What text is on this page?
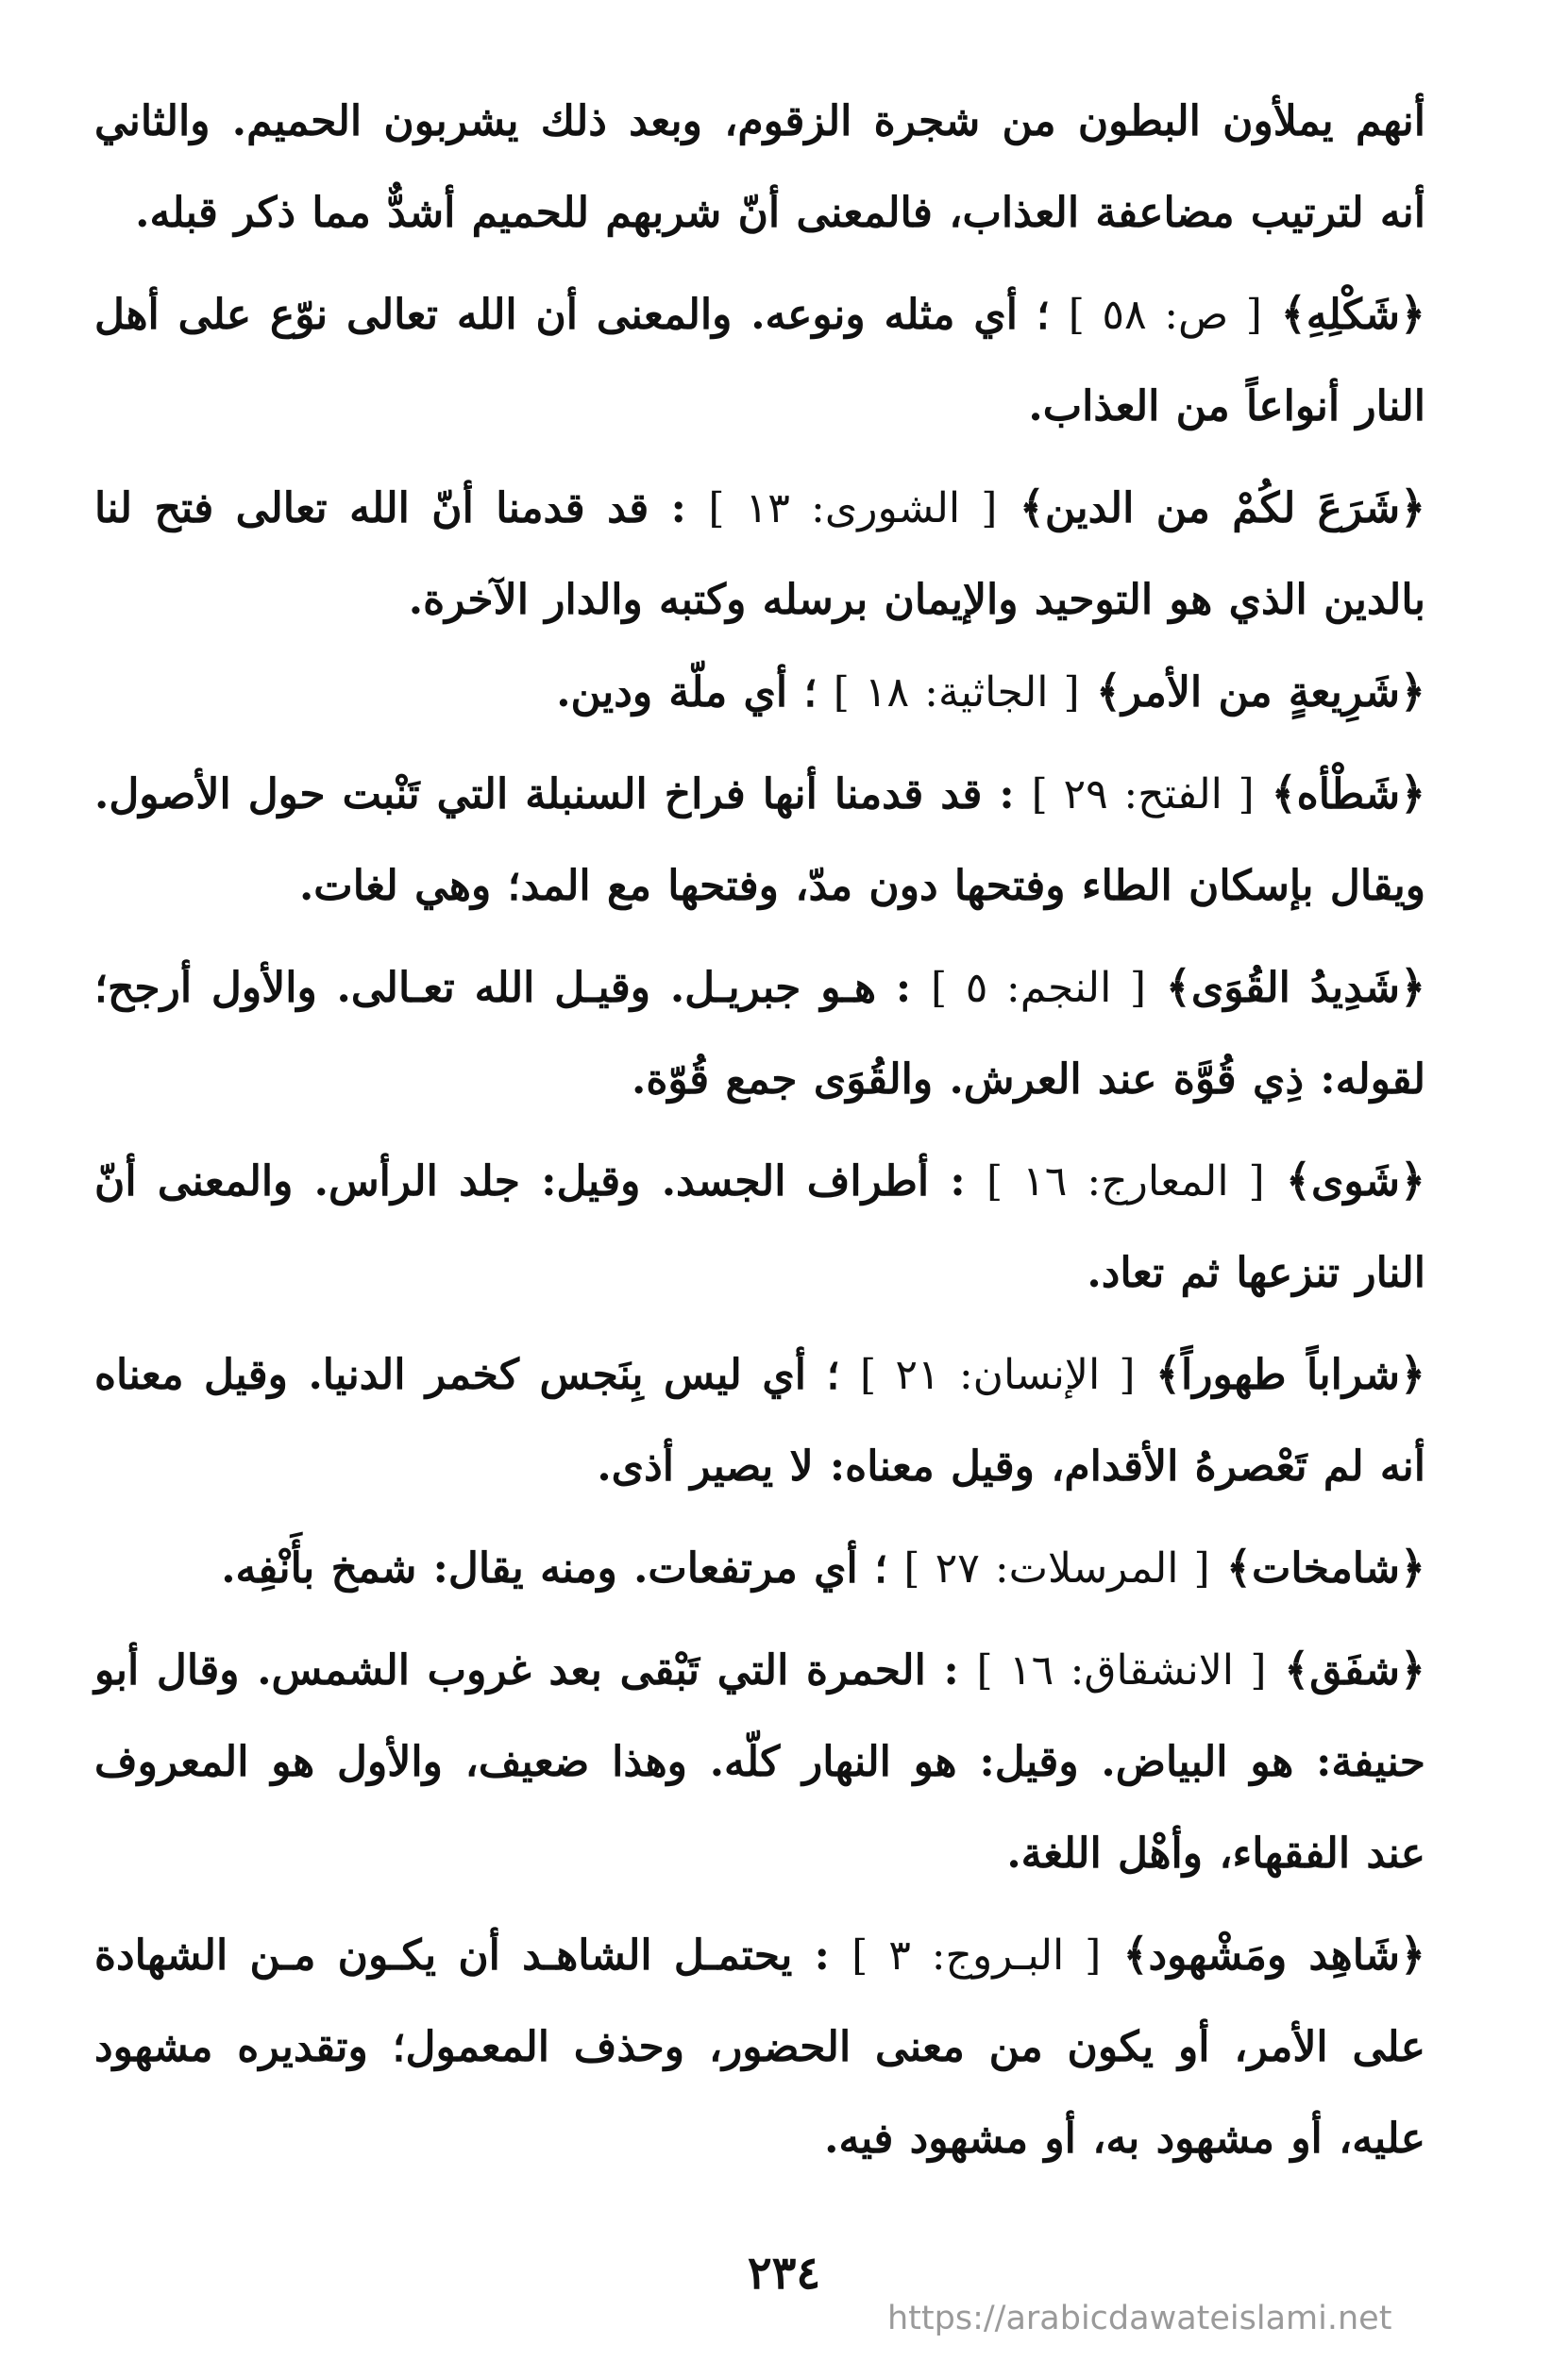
أنهم يملأون البطون من شجرة الزقوم، وبعد ذلك يشربون الحميم. والثاني أنه لترتيب مضاعفة العذاب، فالمعنى أنّ شربهم للحميم أشدٌّ مما ذكر قبله.

﴿شَكْلِهِ﴾ [ ص: ٥٨ ] ؛ أي مثله ونوعه. والمعنى أن الله تعالى نوّع على أهل النار أنواعاً من العذاب.

﴿شَرَعَ لكُمْ من الدين﴾ [ الشورى: ١٣ ] : قد قدمنا أنّ الله تعالى فتح لنا بالدين الذي هو التوحيد والإيمان برسله وكتبه والدار الآخرة.

﴿شَرِيعةٍ من الأمر﴾ [ الجاثية: ١٨ ] ؛ أي ملّة ودين.

﴿شَطْأه﴾ [ الفتح: ٢٩ ] : قد قدمنا أنها فراخ السنبلة التي تَنْبت حول الأصول. ويقال بإسكان الطاء وفتحها دون مدّ، وفتحها مع المد؛ وهي لغات.

﴿شَدِيدُ القُوَى﴾ [ النجم: ٥ ] : هـو جبريـل. وقيـل الله تعـالى. والأول أرجح؛ لقوله: ذِي قُوَّة عند العرش. والقُوَى جمع قُوّة.

﴿شَوى﴾ [ المعارج: ١٦ ] : أطراف الجسد. وقيل: جلد الرأس. والمعنى أنّ النار تنزعها ثم تعاد.

﴿شراباً طهوراً﴾ [ الإنسان: ٢١ ] ؛ أي ليس بِنَجس كخمر الدنيا. وقيل معناه أنه لم تَعْصرهُ الأقدام، وقيل معناه: لا يصير أذى.

﴿شامخات﴾ [ المرسلات: ٢٧ ] ؛ أي مرتفعات. ومنه يقال: شمخ بأَنْفِه.

﴿شفَق﴾ [ الانشقاق: ١٦ ] : الحمرة التي تَبْقى بعد غروب الشمس. وقال أبو حنيفة: هو البياض. وقيل: هو النهار كلّه. وهذا ضعيف، والأول هو المعروف عند الفقهاء، وأهْل اللغة.

﴿شَاهِد ومَشْهود﴾ [ البـروج: ٣ ] : يحتمـل الشاهـد أن يكـون مـن الشهادة على الأمر، أو يكون من معنى الحضور، وحذف المعمول؛ وتقديره مشهود عليه، أو مشهود به، أو مشهود فيه.

٢٣٤
https://arabicdawateislami.net
